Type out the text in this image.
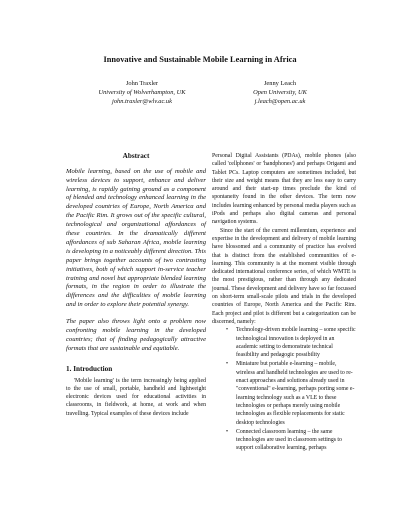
Innovative and Sustainable Mobile Learning in Africa
John Traxler
University of Wolverhampton, UK
john.traxler@wlv.ac.uk
Jenny Leach
Open University, UK
j.leach@open.ac.uk
Abstract

Mobile learning, based on the use of mobile and wireless devices to support, enhance and deliver learning, is rapidly gaining ground as a component of blended and technology enhanced learning in the developed countries of Europe, North America and the Pacific Rim. It grows out of the specific cultural, technological and organizational affordances of these countries. In the dramatically different affordances of sub Saharan Africa, mobile learning is developing in a noticeably different direction. This paper brings together accounts of two contrasting initiatives, both of which support in-service teacher training and novel but appropriate blended learning formats, in the region in order to illustrate the differences and the difficulties of mobile learning and in order to explore their potential synergy.

The paper also throws light onto a problem now confronting mobile learning in the developed countries; that of finding pedagogically attractive formats that are sustainable and equitable.

1. Introduction

'Mobile learning' is the term increasingly being applied to the use of small, portable, handheld and lightweight electronic devices used for educational activities in classrooms, in fieldwork, at home, at work and when travelling. Typical examples of these devices include

Personal Digital Assistants (PDAs), mobile phones (also called 'cellphones' or 'handphones') and perhaps Origami and Tablet PCs. Laptop computers are sometimes included, but their size and weight means that they are less easy to carry around and their start-up times preclude the kind of spontaneity found in the other devices. The term now includes learning enhanced by personal media players such as iPods and perhaps also digital cameras and personal navigation systems.

Since the start of the current millennium, experience and expertise in the development and delivery of mobile learning have blossomed and a community of practice has evolved that is distinct from the established communities of e-learning. This community is at the moment visible through dedicated international conference series, of which WMTE is the most prestigious, rather than through any dedicated journal. These development and delivery have so far focussed on short-term small-scale pilots and trials in the developed countries of Europe, North America and the Pacific Rim. Each project and pilot is different but a categorization can be discerned, namely:

• Technology-driven mobile learning – some specific technological innovation is deployed in an academic setting to demonstrate technical feasibility and pedagogic possibility
• Miniature but portable e-learning – mobile, wireless and handheld technologies are used to re-enact approaches and solutions already used in "conventional" e-learning, perhaps porting some e-learning technology such as a VLE to these technologies or perhaps merely using mobile technologies as flexible replacements for static desktop technologies
• Connected classroom learning – the same technologies are used in classroom settings to support collaborative learning, perhaps
